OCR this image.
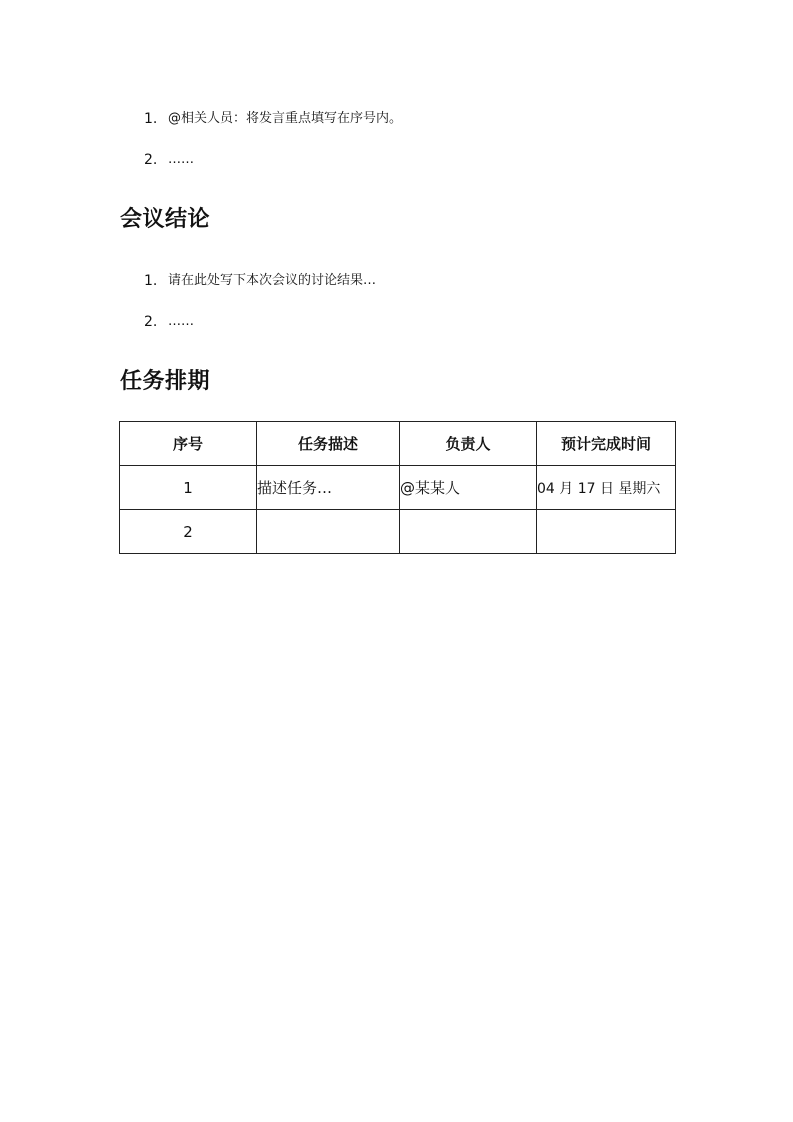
1. @相关人员：将发言重点填写在序号内。
2. ……
会议结论
1. 请在此处写下本次会议的讨论结果…
2. ……
任务排期
序号	任务描述	负责人	预计完成时间
1	描述任务…	@某某人	04 月 17 日 星期六
2			
